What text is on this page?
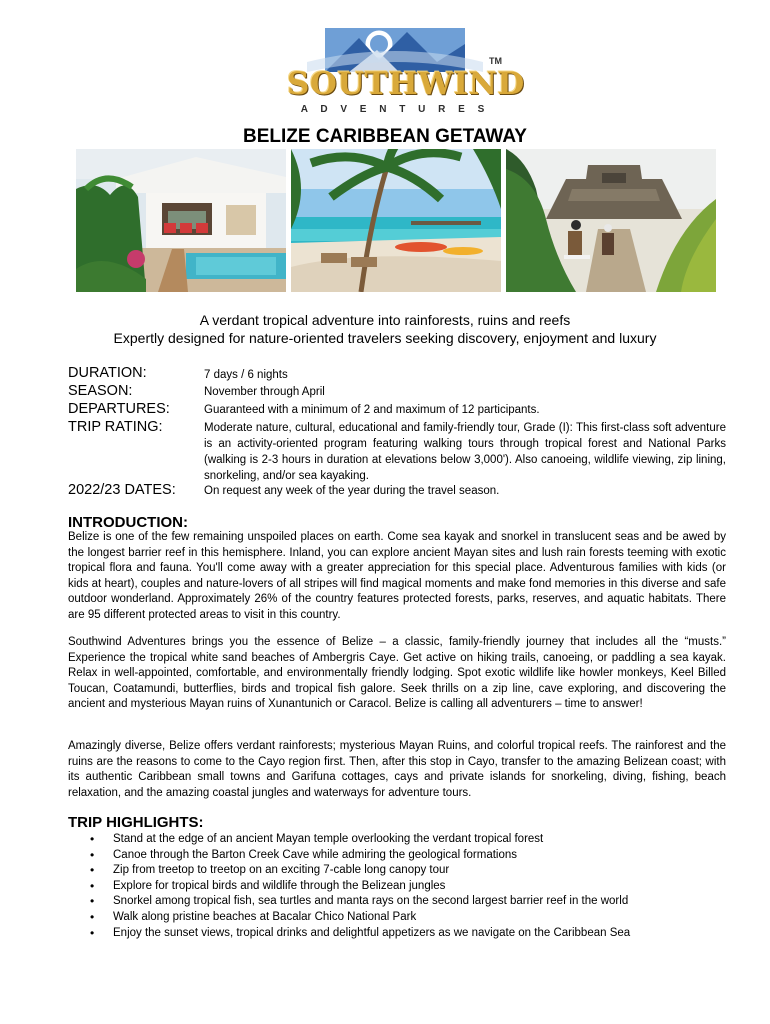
SOUTHWIND
A D V E N T U R E S
TM
BELIZE CARIBBEAN GETAWAY
A verdant tropical adventure into rainforests, ruins and reefs
Expertly designed for nature-oriented travelers seeking discovery, enjoyment and luxury
DURATION:	7 days / 6 nights
SEASON:	November through April
DEPARTURES:	Guaranteed with a minimum of 2 and maximum of 12 participants.
TRIP RATING:	Moderate nature, cultural, educational and family-friendly tour, Grade (I): This first-class soft adventure is an activity-oriented program featuring walking tours through tropical forest and National Parks (walking is 2-3 hours in duration at elevations below 3,000'). Also canoeing, wildlife viewing, zip lining, snorkeling, and/or sea kayaking.
2022/23 DATES: On request any week of the year during the travel season.
INTRODUCTION:
Belize is one of the few remaining unspoiled places on earth. Come sea kayak and snorkel in translucent seas and be awed by the longest barrier reef in this hemisphere. Inland, you can explore ancient Mayan sites and lush rain forests teeming with exotic tropical flora and fauna. You'll come away with a greater appreciation for this special place. Adventurous families with kids (or kids at heart), couples and nature-lovers of all stripes will find magical moments and make fond memories in this diverse and safe outdoor wonderland. Approximately 26% of the country features protected forests, parks, reserves, and aquatic habitats. There are 95 different protected areas to visit in this country.
Southwind Adventures brings you the essence of Belize – a classic, family-friendly journey that includes all the “musts.” Experience the tropical white sand beaches of Ambergris Caye. Get active on hiking trails, canoeing, or paddling a sea kayak. Relax in well-appointed, comfortable, and environmentally friendly lodging. Spot exotic wildlife like howler monkeys, Keel Billed Toucan, Coatamundi, butterflies, birds and tropical fish galore. Seek thrills on a zip line, cave exploring, and discovering the ancient and mysterious Mayan ruins of Xunantunich or Caracol. Belize is calling all adventurers – time to answer!
Amazingly diverse, Belize offers verdant rainforests; mysterious Mayan Ruins, and colorful tropical reefs. The rainforest and the ruins are the reasons to come to the Cayo region first. Then, after this stop in Cayo, transfer to the amazing Belizean coast; with its authentic Caribbean small towns and Garifuna cottages, cays and private islands for snorkeling, diving, fishing, beach relaxation, and the amazing coastal jungles and waterways for adventure tours.
TRIP HIGHLIGHTS:
• Stand at the edge of an ancient Mayan temple overlooking the verdant tropical forest
• Canoe through the Barton Creek Cave while admiring the geological formations
• Zip from treetop to treetop on an exciting 7-cable long canopy tour
• Explore for tropical birds and wildlife through the Belizean jungles
• Snorkel among tropical fish, sea turtles and manta rays on the second largest barrier reef in the world
• Walk along pristine beaches at Bacalar Chico National Park
• Enjoy the sunset views, tropical drinks and delightful appetizers as we navigate on the Caribbean Sea
